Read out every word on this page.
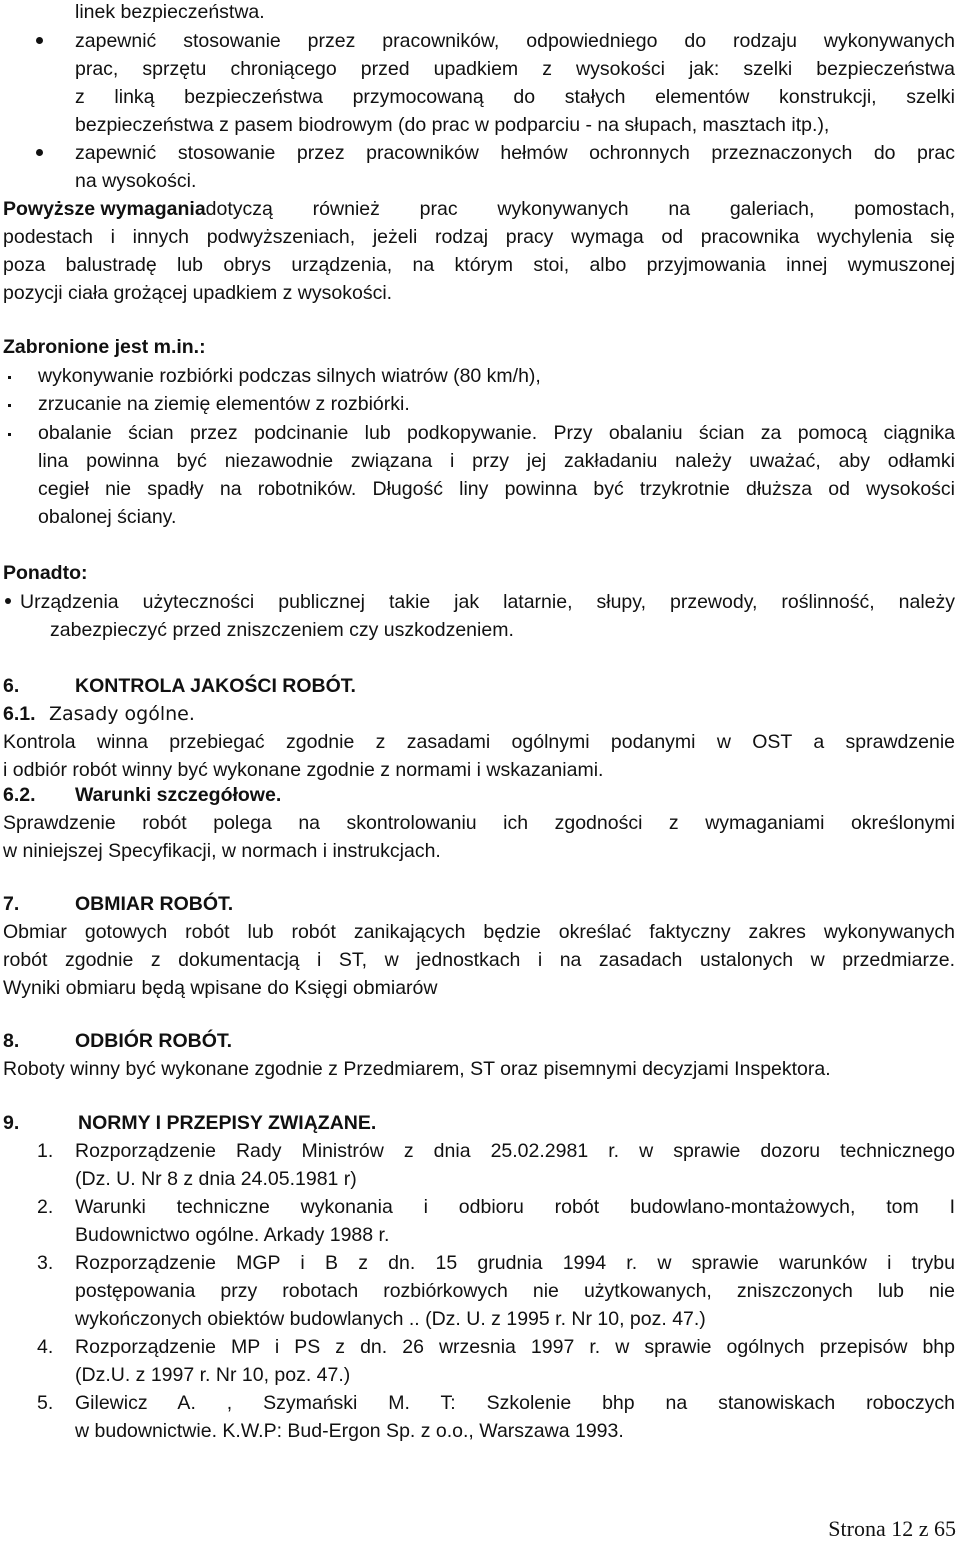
linek bezpieczeństwa.
zapewnić stosowanie przez pracowników, odpowiedniego do rodzaju wykonywanych
prac, sprzętu chroniącego przed upadkiem z wysokości jak: szelki bezpieczeństwa
z linką bezpieczeństwa przymocowaną do stałych elementów konstrukcji, szelki
bezpieczeństwa z pasem biodrowym (do prac w podparciu - na słupach, masztach itp.),
zapewnić stosowanie przez pracowników hełmów ochronnych przeznaczonych do prac
na wysokości.
Powyższe wymagania dotyczą również prac wykonywanych na galeriach, pomostach,
podestach i innych podwyższeniach, jeżeli rodzaj pracy wymaga od pracownika wychylenia się
poza balustradę lub obrys urządzenia, na którym stoi, albo przyjmowania innej wymuszonej
pozycji ciała grożącej upadkiem z wysokości.
Zabronione jest m.in.:
wykonywanie rozbiórki podczas silnych wiatrów (80 km/h),
zrzucanie na ziemię elementów z rozbiórki.
obalanie ścian przez podcinanie lub podkopywanie. Przy obalaniu ścian za pomocą ciągnika
lina powinna być niezawodnie związana i przy jej zakładaniu należy uważać, aby odłamki
cegieł nie spadły na robotników. Długość liny powinna być trzykrotnie dłuższa od wysokości
obalonej ściany.
Ponadto:
Urządzenia użyteczności publicznej takie jak latarnie, słupy, przewody, roślinność, należy
zabezpieczyć przed zniszczeniem czy uszkodzeniem.
6.	KONTROLA JAKOŚCI ROBÓT.
6.1. Zasady ogólne.
Kontrola winna przebiegać zgodnie z zasadami ogólnymi podanymi w OST a sprawdzenie
i odbiór robót winny być wykonane zgodnie z normami i wskazaniami.
6.2. Warunki szczegółowe.
Sprawdzenie robót polega na skontrolowaniu ich zgodności z wymaganiami określonymi
w niniejszej Specyfikacji, w normach i instrukcjach.
7.	OBMIAR ROBÓT.
Obmiar gotowych robót lub robót zanikających będzie określać faktyczny zakres wykonywanych
robót zgodnie z dokumentacją i ST, w jednostkach i na zasadach ustalonych w przedmiarze.
Wyniki obmiaru będą wpisane do Księgi obmiarów
8.	ODBIÓR ROBÓT.
Roboty winny być wykonane zgodnie z Przedmiarem, ST oraz pisemnymi decyzjami Inspektora.
9.	NORMY I PRZEPISY ZWIĄZANE.
1. Rozporządzenie Rady Ministrów z dnia 25.02.2981 r. w sprawie dozoru technicznego
(Dz. U. Nr 8 z dnia 24.05.1981 r)
2. Warunki techniczne wykonania i odbioru robót budowlano-montażowych, tom I
Budownictwo ogólne. Arkady 1988 r.
3. Rozporządzenie MGP i B z dn. 15 grudnia 1994 r. w sprawie warunków i trybu
postępowania przy robotach rozbiórkowych nie użytkowanych, zniszczonych lub nie
wykończonych obiektów budowlanych .. (Dz. U. z 1995 r. Nr 10, poz. 47.)
4. Rozporządzenie MP i PS z dn. 26 wrzesnia 1997 r. w sprawie ogólnych przepisów bhp
(Dz.U. z 1997 r. Nr 10, poz. 47.)
5. Gilewicz A. , Szymański M. T: Szkolenie bhp na stanowiskach roboczych
w budownictwie. K.W.P: Bud-Ergon Sp. z o.o., Warszawa 1993.
Strona 12 z 65
